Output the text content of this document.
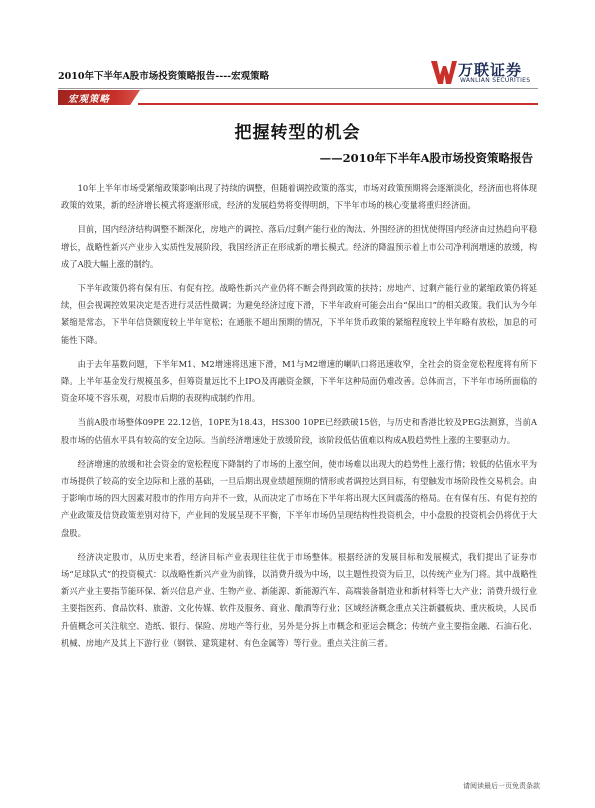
2010年下半年A股市场投资策略报告----宏观策略	万联证券
WANLIAN SECURITIES
宏观策略
把握转型的机会
——2010年下半年A股市场投资策略报告

10年上半年市场受紧缩政策影响出现了持续的调整，但随着调控政策的落实，市场对政策预期将会逐渐淡化，经济面也将体现政策的效果，新的经济增长模式将逐渐形成，经济的发展趋势将变得明朗，下半年市场的核心变量将重归经济面。

目前，国内经济结构调整不断深化，房地产的调控、落后/过剩产能行业的淘汰、外围经济的担忧使得国内经济由过热趋向平稳增长，战略性新兴产业步入实质性发展阶段，我国经济正在形成新的增长模式。经济的降温预示着上市公司净利润增速的放缓，构成了A股大幅上涨的制约。

下半年政策仍将有保有压、有促有控。战略性新兴产业仍将不断会得到政策的扶持；房地产、过剩产能行业的紧缩政策仍将延续，但会视调控效果决定是否进行灵活性微调；为避免经济过度下滑，下半年政府可能会出台“保出口”的相关政策。我们认为今年紧缩是常态，下半年信贷额度较上半年宽松；在通胀不超出预期的情况，下半年货币政策的紧缩程度较上半年略有放松，加息的可能性下降。

由于去年基数问题，下半年M1、M2增速将迅速下滑，M1与M2增速的喇叭口将迅速收窄，全社会的资金宽松程度将有所下降。上半年基金发行规模虽多，但筹资量远比不上IPO及再融资金额，下半年这种局面仍难改善。总体而言，下半年市场所面临的资金环境不容乐观，对股市后期的表现构成制约作用。

当前A股市场整体09PE 22.12倍，10PE为18.43，HS300 10PE已经跌破15倍，与历史和香港比较及PEG法测算，当前A股市场的估值水平具有较高的安全边际。当前经济增速处于放缓阶段，该阶段低估值难以构成A股趋势性上涨的主要驱动力。

经济增速的放缓和社会资金的宽松程度下降制约了市场的上涨空间，使市场难以出现大的趋势性上涨行情；较低的估值水平为市场提供了较高的安全边际和上涨的基础，一旦后期出现业绩超预期的情形或者调控达到目标，有望触发市场阶段性交易机会。由于影响市场的四大因素对股市的作用方向并不一致，从而决定了市场在下半年将出现大区间震荡的格局。在有保有压、有促有控的产业政策及信贷政策差别对待下，产业间的发展呈现不平衡，下半年市场仍呈现结构性投资机会，中小盘股的投资机会仍将优于大盘股。

经济决定股市，从历史来看，经济目标产业表现往往优于市场整体。根据经济的发展目标和发展模式，我们提出了证券市场“足球队式”的投资模式：以战略性新兴产业为前锋，以消费升级为中场，以主题性投资为后卫，以传统产业为门将。其中战略性新兴产业主要指节能环保、新兴信息产业、生物产业、新能源、新能源汽车、高端装备制造业和新材料等七大产业；消费升级行业主要指医药、食品饮料、旅游、文化传媒、软件及服务、商业、酿酒等行业；区域经济概念重点关注新疆板块、重庆板块，人民币升值概念可关注航空、造纸、银行、保险、房地产等行业，另外是分拆上市概念和亚运会概念；传统产业主要指金融、石油石化、机械、房地产及其上下游行业（钢铁、建筑建材、有色金属等）等行业。重点关注前三者。

请阅读最后一页免责条款
